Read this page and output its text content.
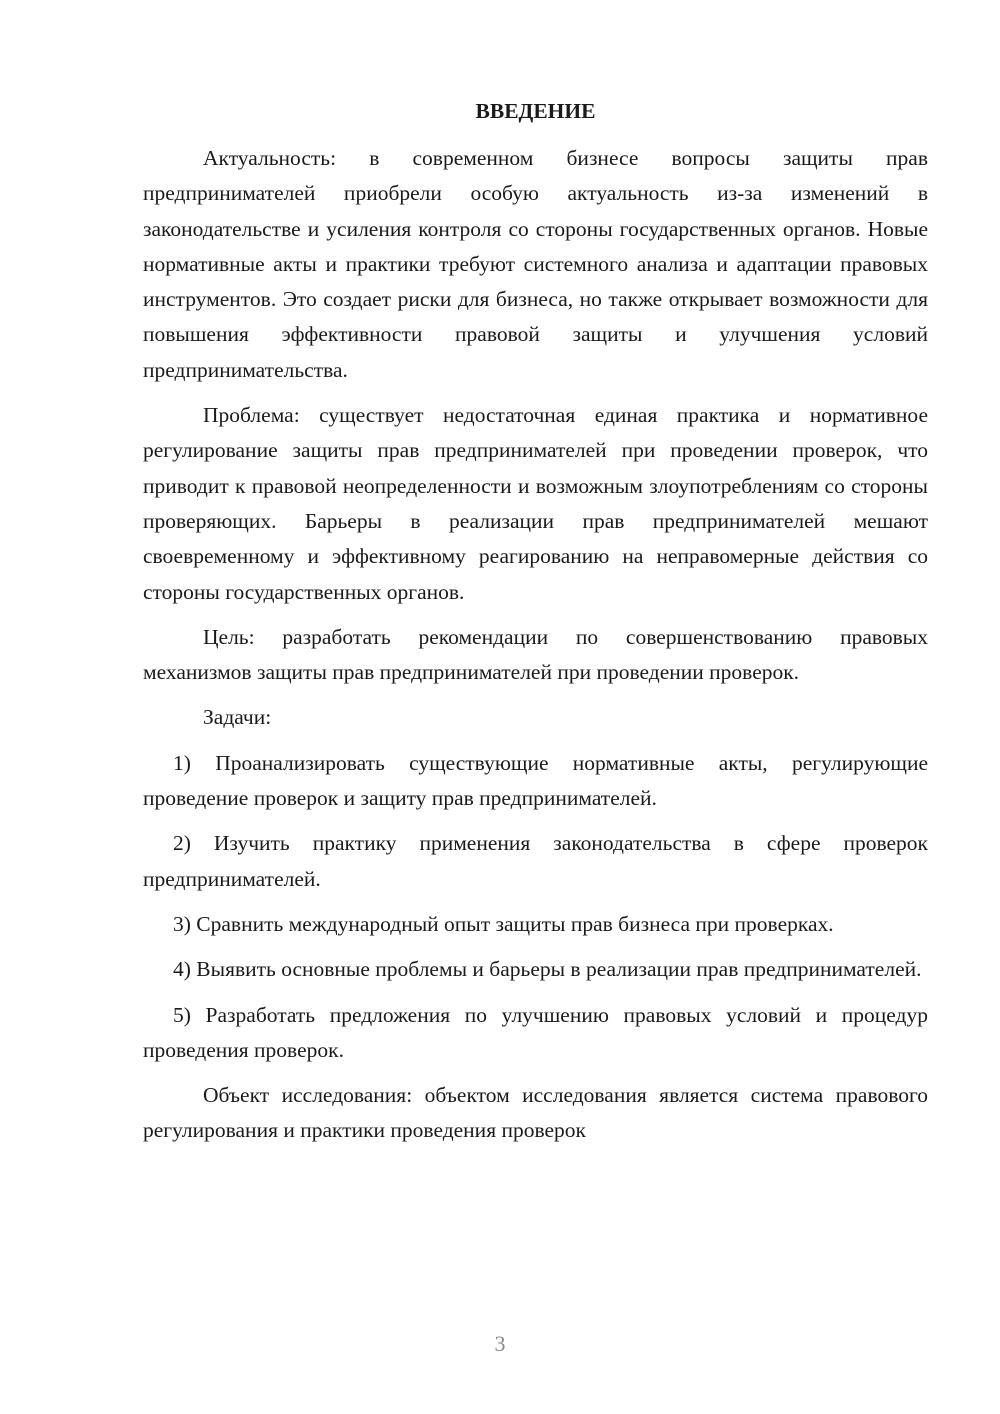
ВВЕДЕНИЕ

Актуальность: в современном бизнесе вопросы защиты прав предпринимателей приобрели особую актуальность из-за изменений в законодательстве и усиления контроля со стороны государственных органов. Новые нормативные акты и практики требуют системного анализа и адаптации правовых инструментов. Это создает риски для бизнеса, но также открывает возможности для повышения эффективности правовой защиты и улучшения условий предпринимательства.

Проблема: существует недостаточная единая практика и нормативное регулирование защиты прав предпринимателей при проведении проверок, что приводит к правовой неопределенности и возможным злоупотреблениям со стороны проверяющих. Барьеры в реализации прав предпринимателей мешают своевременному и эффективному реагированию на неправомерные действия со стороны государственных органов.

Цель: разработать рекомендации по совершенствованию правовых механизмов защиты прав предпринимателей при проведении проверок.

Задачи:

1) Проанализировать существующие нормативные акты, регулирующие проведение проверок и защиту прав предпринимателей.

2) Изучить практику применения законодательства в сфере проверок предпринимателей.

3) Сравнить международный опыт защиты прав бизнеса при проверках.

4) Выявить основные проблемы и барьеры в реализации прав предпринимателей.

5) Разработать предложения по улучшению правовых условий и процедур проведения проверок.

Объект исследования: объектом исследования является система правового регулирования и практики проведения проверок

3
